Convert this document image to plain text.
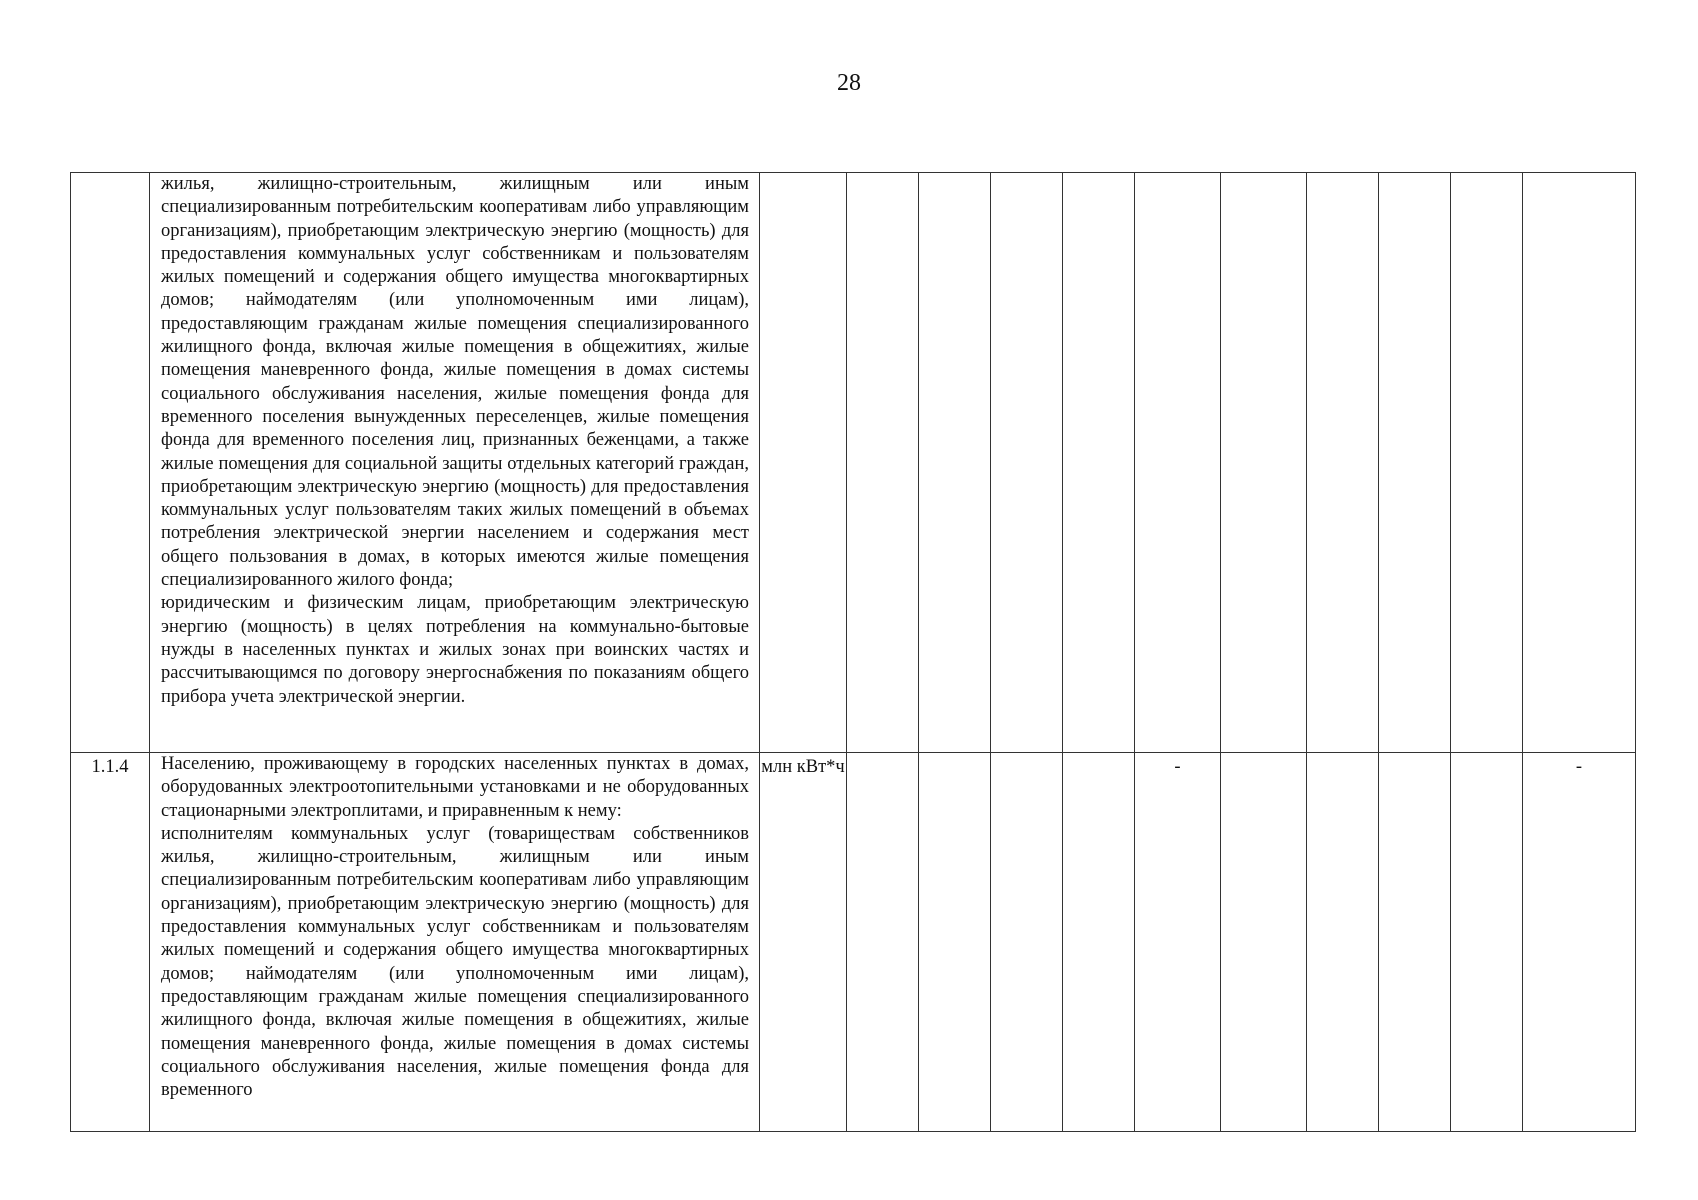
28

	жилья, жилищно-строительным, жилищным или иным специализированным потребительским кооперативам либо управляющим организациям), приобретающим электрическую энергию (мощность) для предоставления коммунальных услуг собственникам и пользователям жилых помещений и содержания общего имущества многоквартирных домов; наймодателям (или уполномоченным ими лицам), предоставляющим гражданам жилые помещения специализированного жилищного фонда, включая жилые помещения в общежитиях, жилые помещения маневренного фонда, жилые помещения в домах системы социального обслуживания населения, жилые помещения фонда для временного поселения вынужденных переселенцев, жилые помещения фонда для временного поселения лиц, признанных беженцами, а также жилые помещения для социальной защиты отдельных категорий граждан, приобретающим электрическую энергию (мощность) для предоставления коммунальных услуг пользователям таких жилых помещений в объемах потребления электрической энергии населением и содержания мест общего пользования в домах, в которых имеются жилые помещения специализированного жилого фонда;

юридическим и физическим лицам, приобретающим электрическую энергию (мощность) в целях потребления на коммунально-бытовые нужды в населенных пунктах и жилых зонах при воинских частях и рассчитывающимся по договору энергоснабжения по показаниям общего прибора учета электрической энергии.											

1.1.4	Населению, проживающему в городских населенных пунктах в домах, оборудованных электроотопительными установками и не оборудованных стационарными электроплитами, и приравненным к нему:

исполнителям коммунальных услуг (товариществам собственников жилья, жилищно-строительным, жилищным или иным специализированным потребительским кооперативам либо управляющим организациям), приобретающим электрическую энергию (мощность) для предоставления коммунальных услуг собственникам и пользователям жилых помещений и содержания общего имущества многоквартирных домов; наймодателям (или уполномоченным ими лицам), предоставляющим гражданам жилые помещения специализированного жилищного фонда, включая жилые помещения в общежитиях, жилые помещения маневренного фонда, жилые помещения в домах системы социального обслуживания населения, жилые помещения фонда для временного	млн кВт*ч					-					-
